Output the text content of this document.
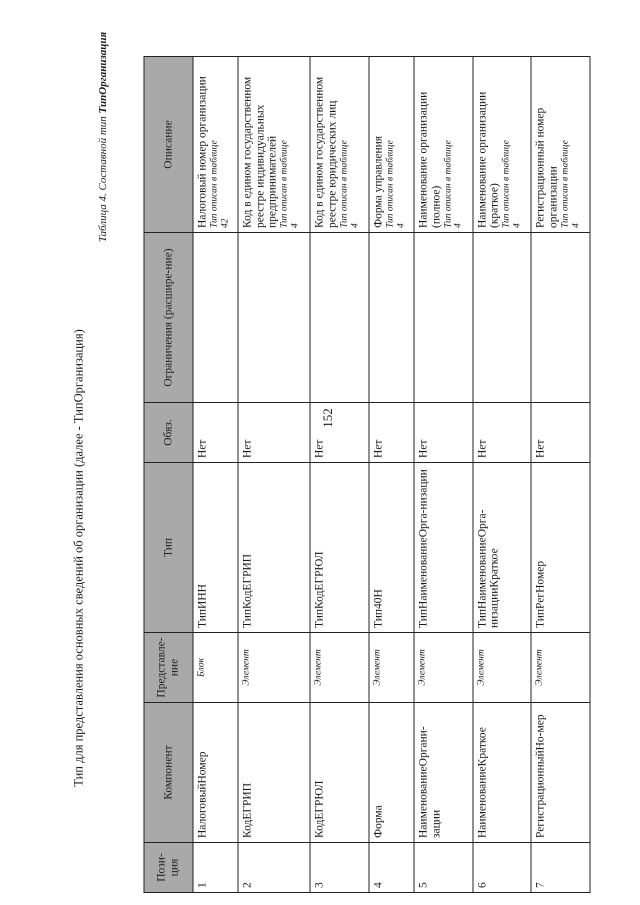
152
Тип для представления основных сведений об организации (далее - ТипОрганизация)
Таблица 4. Составной тип ТипОрганизация
Пози-ция	Компонент	Представле-ние	Тип	Обяз.	Ограничения (расшире-ние)	Описание
1	НалоговыйНомер	Блок	ТипИНН	Нет		Налоговый номер организации Тип описан в таблице 42

2	КодЕГРИП	Элемент	ТипКодЕГРИП	Нет		Код в едином государственном реестре индивидуальных предпринимателей Тип описан в таблице 4

3	КодЕГРЮЛ	Элемент	ТипКодЕГРЮЛ	Нет		Код в едином государственном реестре юридических лиц Тип описан в таблице 4

4	Форма	Элемент	Тип40Н	Нет		Форма управления Тип описан в таблице 4

5	НаименованиеОргани-зации	Элемент	ТипНаименованиеОрга-низации	Нет		Наименование организации (полное) Тип описан в таблице 4

6	НаименованиеКраткое	Элемент	ТипНаименованиеОрга-низацииКраткое	Нет		Наименование организации (краткое) Тип описан в таблице 4

7	РегистрационныйНо-мер	Элемент	ТипРегНомер	Нет		Регистрационный номер организации Тип описан в таблице 4
